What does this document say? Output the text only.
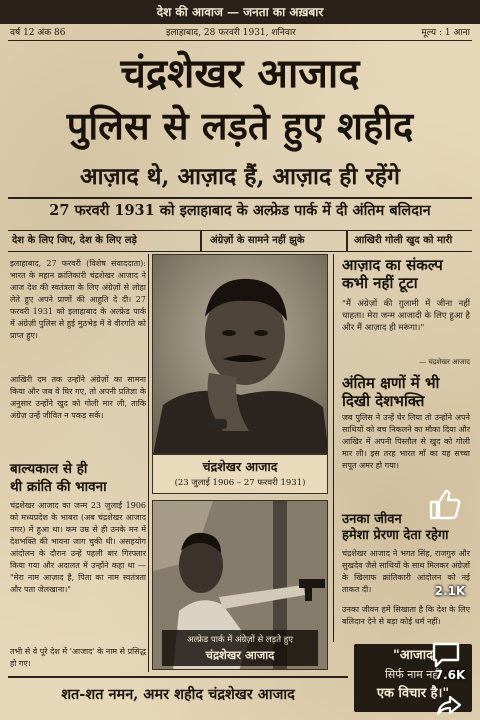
देश की आवाज — जनता का अख़बार
वर्ष 12 अंक 86	इलाहाबाद, 28 फरवरी 1931, शनिवार	मूल्य : 1 आना
चंद्रशेखर आजाद
पुलिस से लड़ते हुए शहीद
आज़ाद थे, आज़ाद हैं, आज़ाद ही रहेंगे
27 फरवरी 1931 को इलाहाबाद के अल्फ्रेड पार्क में दी अंतिम बलिदान
देश के लिए जिए, देश के लिए लड़े	अंग्रेज़ों के सामने नहीं झुके	आखिरी गोली खुद को मारी
इलाहाबाद, 27 फरवरी (विशेष संवाददाता): भारत के महान क्रांतिकारी चंद्रशेखर आजाद ने आज देश की स्वतंत्रता के लिए अंग्रेज़ों से लोहा लेते हुए अपने प्राणों की आहुति दे दी। 27 फरवरी 1931 को इलाहाबाद के अल्फ्रेड पार्क में अंग्रेज़ी पुलिस से हुई मुठभेड़ में वे वीरगति को प्राप्त हुए।
आखिरी दम तक उन्होंने अंग्रेज़ों का सामना किया और जब वे घिर गए, तो अपनी प्रतिज्ञा के अनुसार उन्होंने खुद को गोली मार ली, ताकि अंग्रेज़ उन्हें जीवित न पकड़ सकें।
बाल्यकाल से ही
थी क्रांति की भावना
चंद्रशेखर आजाद का जन्म 23 जुलाई 1906 को मध्यप्रदेश के भाबरा (अब चंद्रशेखर आजाद नगर) में हुआ था। कम उम्र से ही उनके मन में देशभक्ति की भावना जाग चुकी थी। असहयोग आंदोलन के दौरान उन्हें पहली बार गिरफ्तार किया गया और अदालत में उन्होंने कहा था — "मेरा नाम आज़ाद है, पिता का नाम स्वतंत्रता और पता जेलखाना।"
तभी से वे पूरे देश में 'आजाद' के नाम से प्रसिद्ध हो गए।
चंद्रशेखर आजाद
(23 जुलाई 1906 – 27 फरवरी 1931)
अल्फ्रेड पार्क में अंग्रेज़ों से लड़ते हुए
चंद्रशेखर आजाद
आज़ाद का संकल्प
कभी नहीं टूटा
"मैं अंग्रेज़ों की ग़ुलामी में जीना नहीं चाहता। मेरा जन्म आजादी के लिए हुआ है और मैं आज़ाद ही मरूंगा।"
— चंद्रशेखर आजाद
अंतिम क्षणों में भी
दिखी देशभक्ति
जब पुलिस ने उन्हें घेर लिया तो उन्होंने अपने साथियों को बच निकलने का मौका दिया और आखिर में अपनी पिस्तौल से खुद को गोली मार ली। इस तरह भारत माँ का यह सच्चा सपूत अमर हो गया।
उनका जीवन
हमेशा प्रेरणा देता रहेगा
चंद्रशेखर आजाद ने भगत सिंह, राजगुरु और सुखदेव जैसे साथियों के साथ मिलकर अंग्रेज़ों के खिलाफ क्रांतिकारी आंदोलन को नई ताकत दी।
उनका जीवन हमें सिखाता है कि देश के लिए बलिदान देने से बड़ा कोई धर्म नहीं।
शत-शत नमन, अमर शहीद चंद्रशेखर आजाद
"आजाद
सिर्फ नाम नहीं
एक विचार है।"
2.1K
7.6K
